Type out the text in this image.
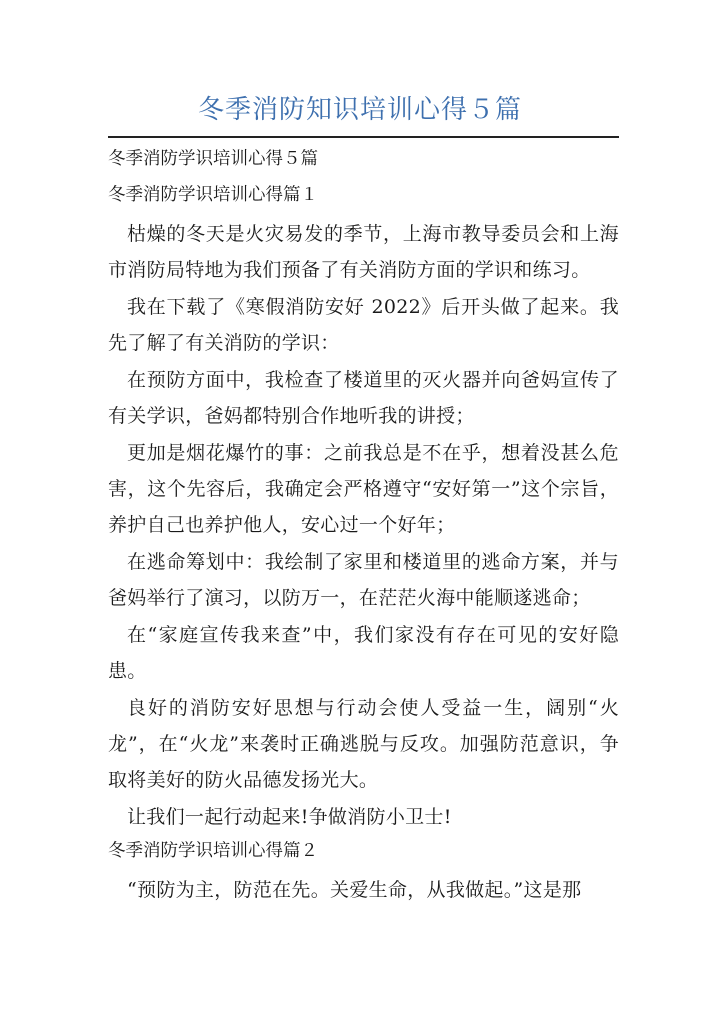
冬季消防知识培训心得５篇
冬季消防学识培训心得５篇
冬季消防学识培训心得篇１

枯燥的冬天是火灾易发的季节，上海市教导委员会和上海市消防局特地为我们预备了有关消防方面的学识和练习。

我在下载了《寒假消防安好 2022》后开头做了起来。我先了解了有关消防的学识：

在预防方面中，我检查了楼道里的灭火器并向爸妈宣传了有关学识，爸妈都特别合作地听我的讲授；

更加是烟花爆竹的事：之前我总是不在乎，想着没甚么危害，这个先容后，我确定会严格遵守“安好第一”这个宗旨，养护自己也养护他人，安心过一个好年；

在逃命筹划中：我绘制了家里和楼道里的逃命方案，并与爸妈举行了演习，以防万一，在茫茫火海中能顺遂逃命；

在“家庭宣传我来查”中，我们家没有存在可见的安好隐患。

良好的消防安好思想与行动会使人受益一生，阔别“火龙”，在“火龙”来袭时正确逃脱与反攻。加强防范意识，争取将美好的防火品德发扬光大。

让我们一起行动起来!争做消防小卫士!

冬季消防学识培训心得篇２

“预防为主，防范在先。关爱生命，从我做起。”这是那
